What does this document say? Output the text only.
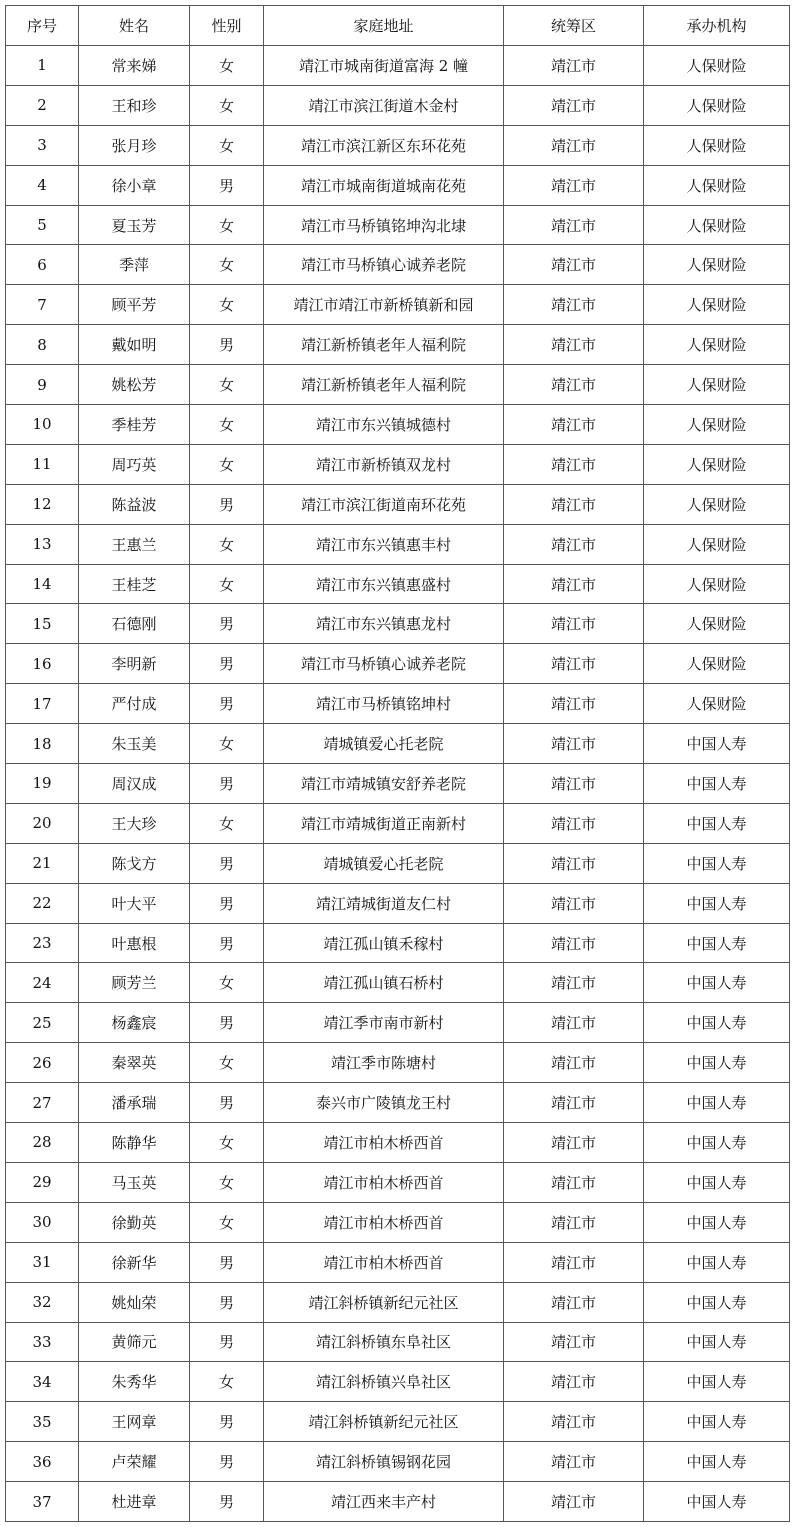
序号	姓名	性别	家庭地址	统筹区	承办机构
1	常来娣	女	靖江市城南街道富海 2 幢	靖江市	人保财险
2	王和珍	女	靖江市滨江街道木金村	靖江市	人保财险
3	张月珍	女	靖江市滨江新区东环花苑	靖江市	人保财险
4	徐小章	男	靖江市城南街道城南花苑	靖江市	人保财险
5	夏玉芳	女	靖江市马桥镇铭坤沟北埭	靖江市	人保财险
6	季萍	女	靖江市马桥镇心诚养老院	靖江市	人保财险
7	顾平芳	女	靖江市靖江市新桥镇新和园	靖江市	人保财险
8	戴如明	男	靖江新桥镇老年人福利院	靖江市	人保财险
9	姚松芳	女	靖江新桥镇老年人福利院	靖江市	人保财险
10	季桂芳	女	靖江市东兴镇城德村	靖江市	人保财险
11	周巧英	女	靖江市新桥镇双龙村	靖江市	人保财险
12	陈益波	男	靖江市滨江街道南环花苑	靖江市	人保财险
13	王惠兰	女	靖江市东兴镇惠丰村	靖江市	人保财险
14	王桂芝	女	靖江市东兴镇惠盛村	靖江市	人保财险
15	石德刚	男	靖江市东兴镇惠龙村	靖江市	人保财险
16	李明新	男	靖江市马桥镇心诚养老院	靖江市	人保财险
17	严付成	男	靖江市马桥镇铭坤村	靖江市	人保财险
18	朱玉美	女	靖城镇爱心托老院	靖江市	中国人寿
19	周汉成	男	靖江市靖城镇安舒养老院	靖江市	中国人寿
20	王大珍	女	靖江市靖城街道正南新村	靖江市	中国人寿
21	陈戈方	男	靖城镇爱心托老院	靖江市	中国人寿
22	叶大平	男	靖江靖城街道友仁村	靖江市	中国人寿
23	叶惠根	男	靖江孤山镇禾稼村	靖江市	中国人寿
24	顾芳兰	女	靖江孤山镇石桥村	靖江市	中国人寿
25	杨鑫宸	男	靖江季市南市新村	靖江市	中国人寿
26	秦翠英	女	靖江季市陈塘村	靖江市	中国人寿
27	潘承瑞	男	泰兴市广陵镇龙王村	靖江市	中国人寿
28	陈静华	女	靖江市柏木桥西首	靖江市	中国人寿
29	马玉英	女	靖江市柏木桥西首	靖江市	中国人寿
30	徐勤英	女	靖江市柏木桥西首	靖江市	中国人寿
31	徐新华	男	靖江市柏木桥西首	靖江市	中国人寿
32	姚灿荣	男	靖江斜桥镇新纪元社区	靖江市	中国人寿
33	黄筛元	男	靖江斜桥镇东阜社区	靖江市	中国人寿
34	朱秀华	女	靖江斜桥镇兴阜社区	靖江市	中国人寿
35	王网章	男	靖江斜桥镇新纪元社区	靖江市	中国人寿
36	卢荣耀	男	靖江斜桥镇锡钢花园	靖江市	中国人寿
37	杜进章	男	靖江西来丰产村	靖江市	中国人寿
